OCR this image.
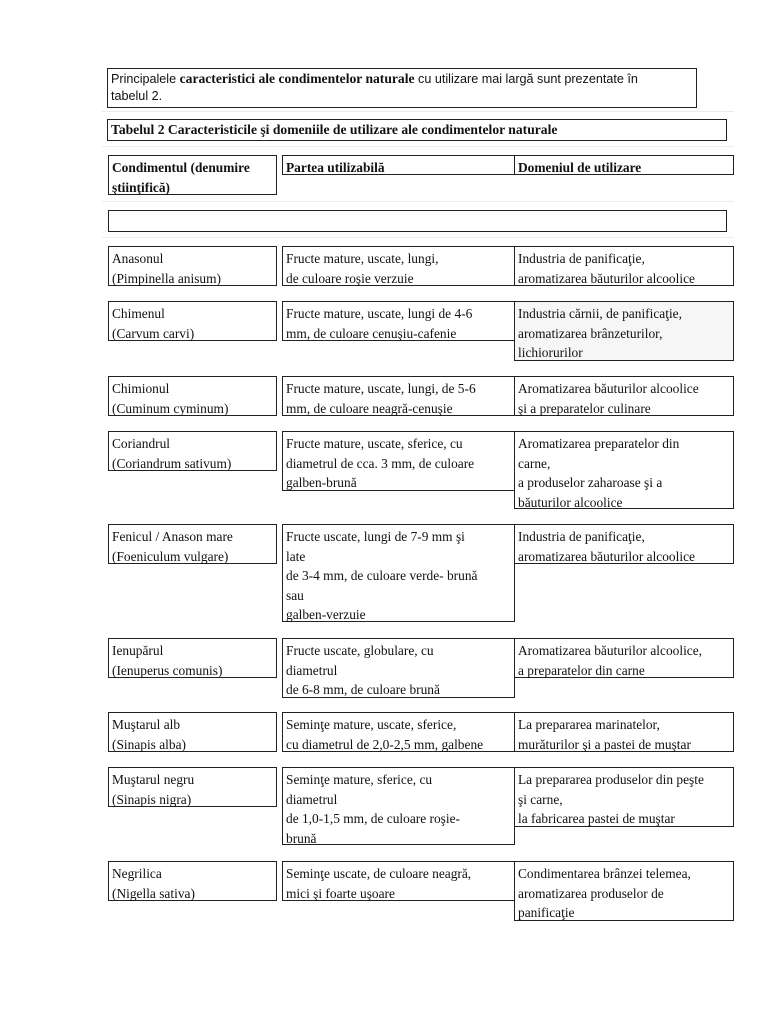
Principalele caracteristici ale condimentelor naturale cu utilizare mai largă sunt prezentate în
tabelul 2.
Tabelul 2 Caracteristicile şi domeniile de utilizare ale condimentelor naturale
Condimentul (denumire
ştiinţifică)
Partea utilizabilă	Domeniul de utilizare
Anasonul
(Pimpinella anisum)
Fructe mature, uscate, lungi,
de culoare roşie verzuie
Industria de panificaţie,
aromatizarea băuturilor alcoolice
Chimenul
(Carvum carvi)
Fructe mature, uscate, lungi de 4-6
mm, de culoare cenuşiu-cafenie
Industria cărnii, de panificaţie,
aromatizarea brânzeturilor,
lichiorurilor
Chimionul
(Cuminum cyminum)
Fructe mature, uscate, lungi, de 5-6
mm, de culoare neagră-cenuşie
Aromatizarea băuturilor alcoolice
şi a preparatelor culinare
Coriandrul
(Coriandrum sativum)
Fructe mature, uscate, sferice, cu
diametrul de cca. 3 mm, de culoare
galben-brună
Aromatizarea preparatelor din
carne,
a produselor zaharoase şi a
băuturilor alcoolice
Fenicul / Anason mare
(Foeniculum vulgare)
Fructe uscate, lungi de 7-9 mm şi
late
de 3-4 mm, de culoare verde- brună
sau
galben-verzuie
Industria de panificaţie,
aromatizarea băuturilor alcoolice
Ienupărul
(Ienuperus comunis)
Fructe uscate, globulare, cu
diametrul
de 6-8 mm, de culoare brună
Aromatizarea băuturilor alcoolice,
a preparatelor din carne
Muştarul alb
(Sinapis alba)
Seminţe mature, uscate, sferice,
cu diametrul de 2,0-2,5 mm, galbene
La prepararea marinatelor,
murăturilor şi a pastei de muştar
Muştarul negru
(Sinapis nigra)
Seminţe mature, sferice, cu
diametrul
de 1,0-1,5 mm, de culoare roşie-
brună
La prepararea produselor din peşte
şi carne,
la fabricarea pastei de muştar
Negrilica
(Nigella sativa)
Seminţe uscate, de culoare neagră,
mici şi foarte uşoare
Condimentarea brânzei telemea,
aromatizarea produselor de
panificaţie
